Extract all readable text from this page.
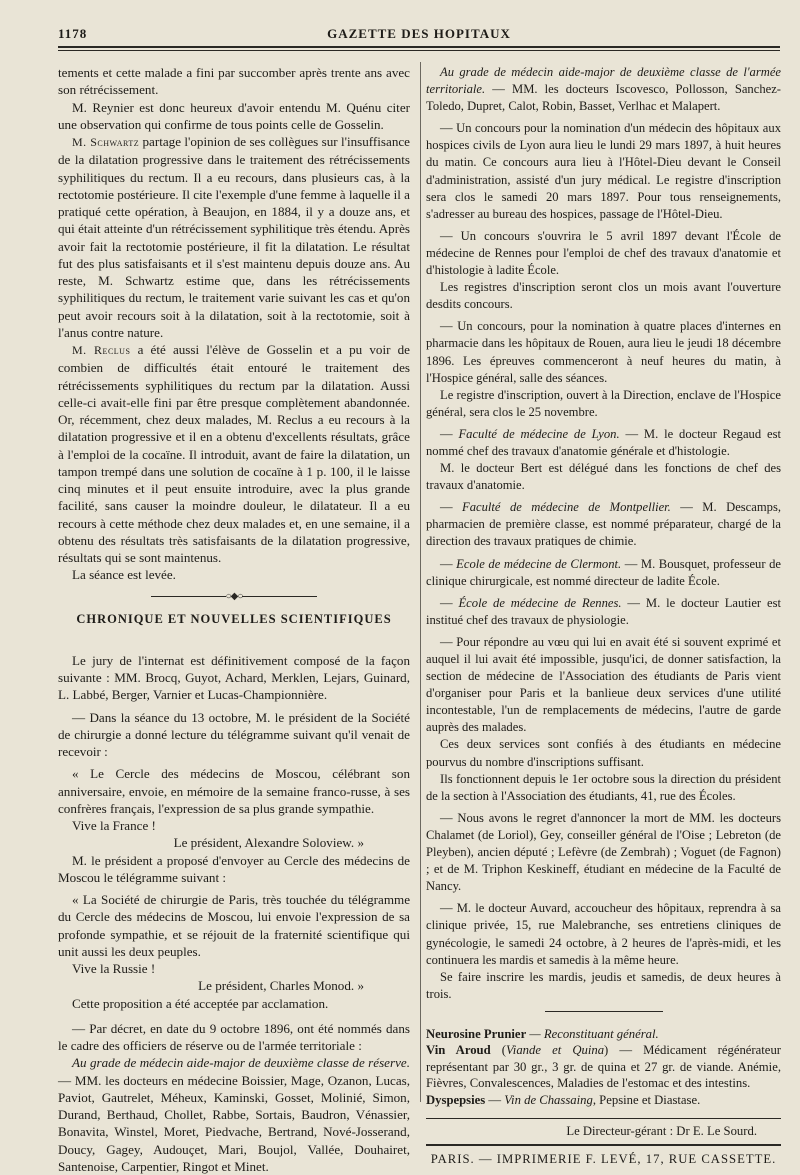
1178	GAZETTE DES HOPITAUX

tements et cette malade a fini par succomber après trente ans avec son rétrécissement.

M. Reynier est donc heureux d'avoir entendu M. Quénu citer une observation qui confirme de tous points celle de Gosselin.

M. Schwartz partage l'opinion de ses collègues sur l'insuffisance de la dilatation progressive dans le traitement des rétrécissements syphilitiques du rectum. Il a eu recours, dans plusieurs cas, à la rectotomie postérieure. Il cite l'exemple d'une femme à laquelle il a pratiqué cette opération, à Beaujon, en 1884, il y a douze ans, et qui était atteinte d'un rétrécissement syphilitique très étendu. Après avoir fait la rectotomie postérieure, il fit la dilatation. Le résultat fut des plus satisfaisants et il s'est maintenu depuis douze ans. Au reste, M. Schwartz estime que, dans les rétrécissements syphilitiques du rectum, le traitement varie suivant les cas et qu'on peut avoir recours soit à la dilatation, soit à la rectotomie, soit à l'anus contre nature.

M. Reclus a été aussi l'élève de Gosselin et a pu voir de combien de difficultés était entouré le traitement des rétrécissements syphilitiques du rectum par la dilatation. Aussi celle-ci avait-elle fini par être presque complètement abandonnée. Or, récemment, chez deux malades, M. Reclus a eu recours à la dilatation progressive et il en a obtenu d'excellents résultats, grâce à l'emploi de la cocaïne. Il introduit, avant de faire la dilatation, un tampon trempé dans une solution de cocaïne à 1 p. 100, il le laisse cinq minutes et il peut ensuite introduire, avec la plus grande facilité, sans causer la moindre douleur, le dilatateur. Il a eu recours à cette méthode chez deux malades et, en une semaine, il a obtenu des résultats très satisfaisants de la dilatation progressive, résultats qui se sont maintenus.

La séance est levée.

○◆○
CHRONIQUE ET NOUVELLES SCIENTIFIQUES

Le jury de l'internat est définitivement composé de la façon suivante : MM. Brocq, Guyot, Achard, Merklen, Lejars, Guinard, L. Labbé, Berger, Varnier et Lucas-Championnière.

— Dans la séance du 13 octobre, M. le président de la Société de chirurgie a donné lecture du télégramme suivant qu'il venait de recevoir :

« Le Cercle des médecins de Moscou, célébrant son anniversaire, envoie, en mémoire de la semaine franco-russe, à ses confrères français, l'expression de sa plus grande sympathie.

Vive la France !

Le président, Alexandre Soloview. »

M. le président a proposé d'envoyer au Cercle des médecins de Moscou le télégramme suivant :

« La Société de chirurgie de Paris, très touchée du télégramme du Cercle des médecins de Moscou, lui envoie l'expression de sa profonde sympathie, et se réjouit de la fraternité scientifique qui unit aussi les deux peuples.

Vive la Russie !

Le président, Charles Monod. »

Cette proposition a été acceptée par acclamation.

— Par décret, en date du 9 octobre 1896, ont été nommés dans le cadre des officiers de réserve ou de l'armée territoriale :

Au grade de médecin aide-major de deuxième classe de réserve. — MM. les docteurs en médecine Boissier, Mage, Ozanon, Lucas, Paviot, Gautrelet, Méheux, Kaminski, Gosset, Molinié, Simon, Durand, Berthaud, Chollet, Rabbe, Sortais, Baudron, Vénassier, Bonavita, Winstel, Moret, Piedvache, Bertrand, Nové-Josserand, Doucy, Gagey, Audouçet, Mari, Boujol, Vallée, Douhairet, Santenoise, Carpentier, Ringot et Minet.

Au grade de médecin aide-major de deuxième classe de l'armée territoriale. — MM. les docteurs Iscovesco, Pollosson, Sanchez-Toledo, Dupret, Calot, Robin, Basset, Verlhac et Malapert.

— Un concours pour la nomination d'un médecin des hôpitaux aux hospices civils de Lyon aura lieu le lundi 29 mars 1897, à huit heures du matin. Ce concours aura lieu à l'Hôtel-Dieu devant le Conseil d'administration, assisté d'un jury médical. Le registre d'inscription sera clos le samedi 20 mars 1897. Pour tous renseignements, s'adresser au bureau des hospices, passage de l'Hôtel-Dieu.

— Un concours s'ouvrira le 5 avril 1897 devant l'École de médecine de Rennes pour l'emploi de chef des travaux d'anatomie et d'histologie à ladite École.

Les registres d'inscription seront clos un mois avant l'ouverture desdits concours.

— Un concours, pour la nomination à quatre places d'internes en pharmacie dans les hôpitaux de Rouen, aura lieu le jeudi 18 décembre 1896. Les épreuves commenceront à neuf heures du matin, à l'Hospice général, salle des séances.

Le registre d'inscription, ouvert à la Direction, enclave de l'Hospice général, sera clos le 25 novembre.

— Faculté de médecine de Lyon. — M. le docteur Regaud est nommé chef des travaux d'anatomie générale et d'histologie.

M. le docteur Bert est délégué dans les fonctions de chef des travaux d'anatomie.

— Faculté de médecine de Montpellier. — M. Descamps, pharmacien de première classe, est nommé préparateur, chargé de la direction des travaux pratiques de chimie.

— Ecole de médecine de Clermont. — M. Bousquet, professeur de clinique chirurgicale, est nommé directeur de ladite École.

— École de médecine de Rennes. — M. le docteur Lautier est institué chef des travaux de physiologie.

— Pour répondre au vœu qui lui en avait été si souvent exprimé et auquel il lui avait été impossible, jusqu'ici, de donner satisfaction, la section de médecine de l'Association des étudiants de Paris vient d'organiser pour Paris et la banlieue deux services d'une utilité incontestable, l'un de remplacements de médecins, l'autre de garde auprès des malades.

Ces deux services sont confiés à des étudiants en médecine pourvus du nombre d'inscriptions suffisant.

Ils fonctionnent depuis le 1er octobre sous la direction du président de la section à l'Association des étudiants, 41, rue des Écoles.

— Nous avons le regret d'annoncer la mort de MM. les docteurs Chalamet (de Loriol), Gey, conseiller général de l'Oise ; Lebreton (de Pleyben), ancien député ; Lefèvre (de Zembrah) ; Voguet (de Fagnon) ; et de M. Triphon Keskineff, étudiant en médecine de la Faculté de Nancy.

— M. le docteur Auvard, accoucheur des hôpitaux, reprendra à sa clinique privée, 15, rue Malebranche, ses entretiens cliniques de gynécologie, le samedi 24 octobre, à 2 heures de l'après-midi, et les continuera les mardis et samedis à la même heure.

Se faire inscrire les mardis, jeudis et samedis, de deux heures à trois.

Neurosine Prunier — Reconstituant général.

Vin Aroud (Viande et Quina) — Médicament régénérateur représentant par 30 gr., 3 gr. de quina et 27 gr. de viande. Anémie, Fièvres, Convalescences, Maladies de l'estomac et des intestins.

Dyspepsies — Vin de Chassaing, Pepsine et Diastase.

Le Directeur-gérant : Dr E. Le Sourd.

PARIS. — IMPRIMERIE F. LEVÉ, 17, RUE CASSETTE.
